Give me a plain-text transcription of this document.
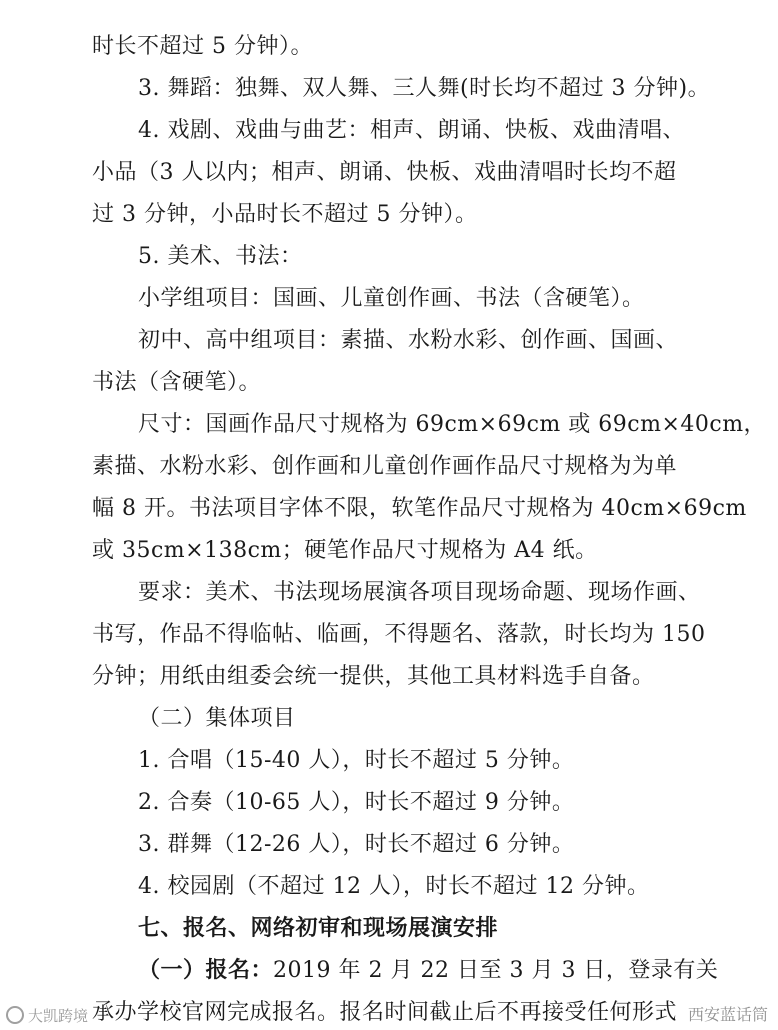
时长不超过 5 分钟）。
3. 舞蹈：独舞、双人舞、三人舞(时长均不超过 3 分钟)。
4. 戏剧、戏曲与曲艺：相声、朗诵、快板、戏曲清唱、
小品（3 人以内；相声、朗诵、快板、戏曲清唱时长均不超
过 3 分钟，小品时长不超过 5 分钟）。
5. 美术、书法：
小学组项目：国画、儿童创作画、书法（含硬笔）。
初中、高中组项目：素描、水粉水彩、创作画、国画、
书法（含硬笔）。
尺寸：国画作品尺寸规格为 69cm×69cm 或 69cm×40cm，
素描、水粉水彩、创作画和儿童创作画作品尺寸规格为为单
幅 8 开。书法项目字体不限，软笔作品尺寸规格为 40cm×69cm
或 35cm×138cm；硬笔作品尺寸规格为 A4 纸。
要求：美术、书法现场展演各项目现场命题、现场作画、
书写，作品不得临帖、临画，不得题名、落款，时长均为 150
分钟；用纸由组委会统一提供，其他工具材料选手自备。
（二）集体项目
1. 合唱（15-40 人），时长不超过 5 分钟。
2. 合奏（10-65 人），时长不超过 9 分钟。
3. 群舞（12-26 人），时长不超过 6 分钟。
4. 校园剧（不超过 12 人），时长不超过 12 分钟。
七、报名、网络初审和现场展演安排
（一）报名：2019 年 2 月 22 日至 3 月 3 日，登录有关
承办学校官网完成报名。报名时间截止后不再接受任何形式
大凯跨境	西安蓝话筒
